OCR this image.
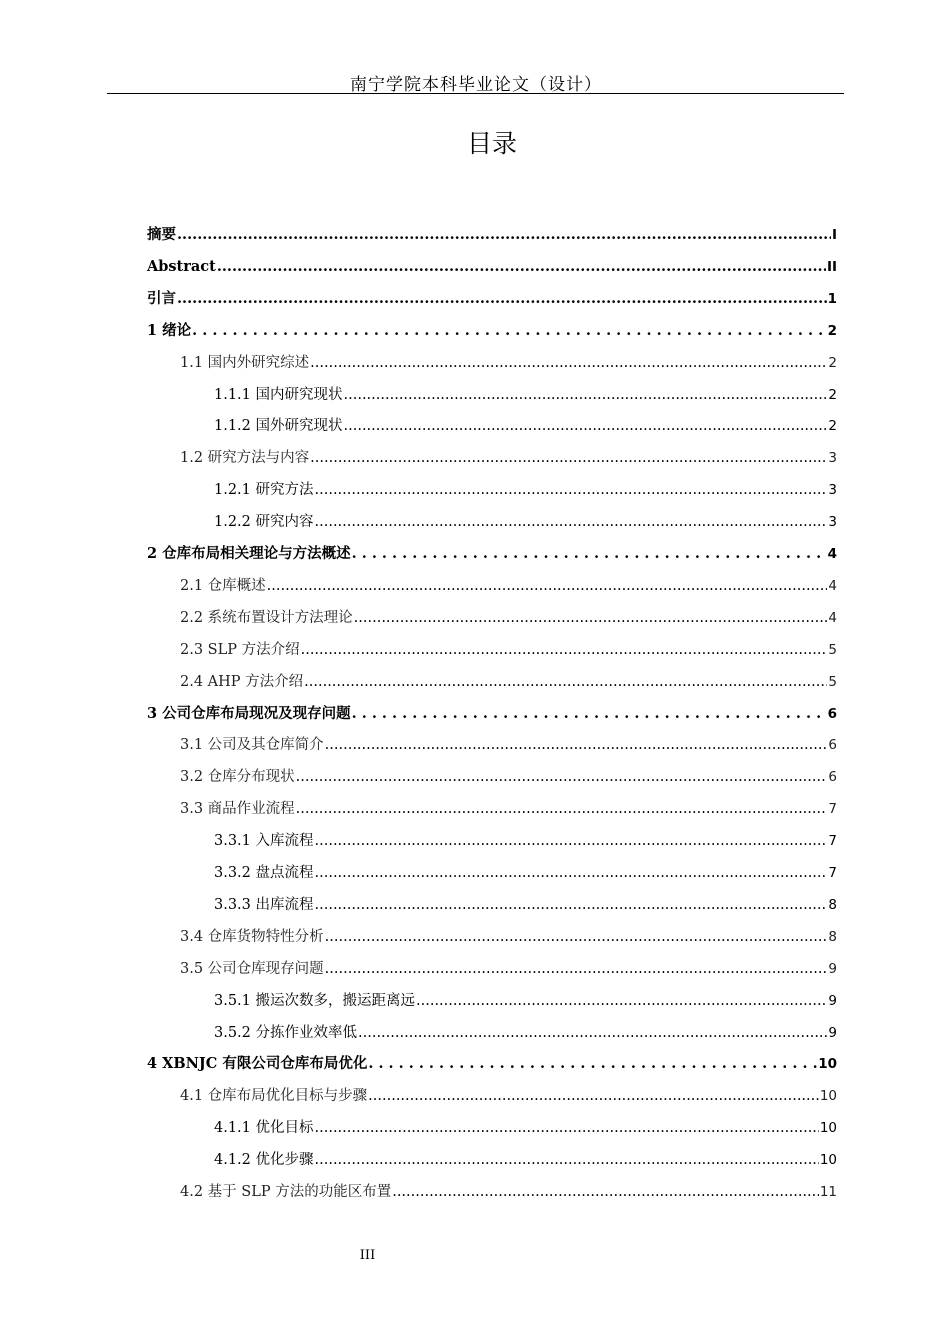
南宁学院本科毕业论文（设计）
目录
摘要 .....	I
Abstract .....	II
引言 .....	1
1 绪论 . . .	2
1.1 国内外研究综述 .....	2
1.1.1 国内研究现状 .....	2
1.1.2 国外研究现状 .....	2
1.2 研究方法与内容 .....	3
1.2.1 研究方法 .....	3
1.2.2 研究内容 .....	3
2 仓库布局相关理论与方法概述 . . .	4
2.1 仓库概述 .....	4
2.2 系统布置设计方法理论 .....	4
2.3 SLP 方法介绍 .....	5
2.4 AHP 方法介绍 .....	5
3 公司仓库布局现况及现存问题 . . .	6
3.1 公司及其仓库简介 .....	6
3.2 仓库分布现状 .....	6
3.3 商品作业流程 .....	7
3.3.1 入库流程 .....	7
3.3.2 盘点流程 .....	7
3.3.3 出库流程 .....	8
3.4 仓库货物特性分析 .....	8
3.5 公司仓库现存问题 .....	9
3.5.1 搬运次数多，搬运距离远 .....	9
3.5.2 分拣作业效率低 .....	9
4 XBNJC 有限公司仓库布局优化 . . .	10
4.1 仓库布局优化目标与步骤 .....	10
4.1.1 优化目标 .....	10
4.1.2 优化步骤 .....	10
4.2 基于 SLP 方法的功能区布置 .....	11
III
